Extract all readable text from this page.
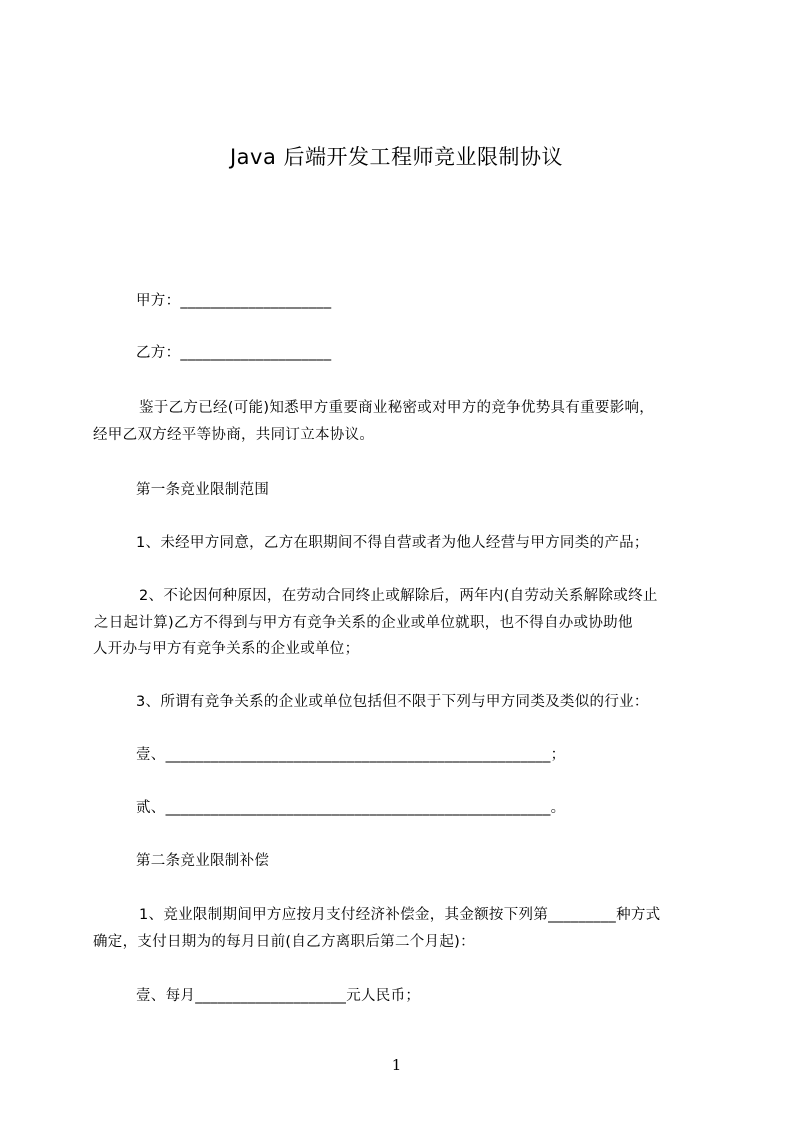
Java 后端开发工程师竞业限制协议
甲方：____________________
乙方：____________________
鉴于乙方已经(可能)知悉甲方重要商业秘密或对甲方的竞争优势具有重要影响，
经甲乙双方经平等协商，共同订立本协议。
第一条竞业限制范围
1、未经甲方同意，乙方在职期间不得自营或者为他人经营与甲方同类的产品；
2、不论因何种原因，在劳动合同终止或解除后，两年内(自劳动关系解除或终止
之日起计算)乙方不得到与甲方有竞争关系的企业或单位就职，也不得自办或协助他
人开办与甲方有竞争关系的企业或单位；
3、所谓有竞争关系的企业或单位包括但不限于下列与甲方同类及类似的行业：
壹、___________________________________________________；
贰、___________________________________________________。
第二条竞业限制补偿
1、竞业限制期间甲方应按月支付经济补偿金，其金额按下列第_________种方式
确定，支付日期为的每月日前(自乙方离职后第二个月起)：
壹、每月____________________元人民币；
1
